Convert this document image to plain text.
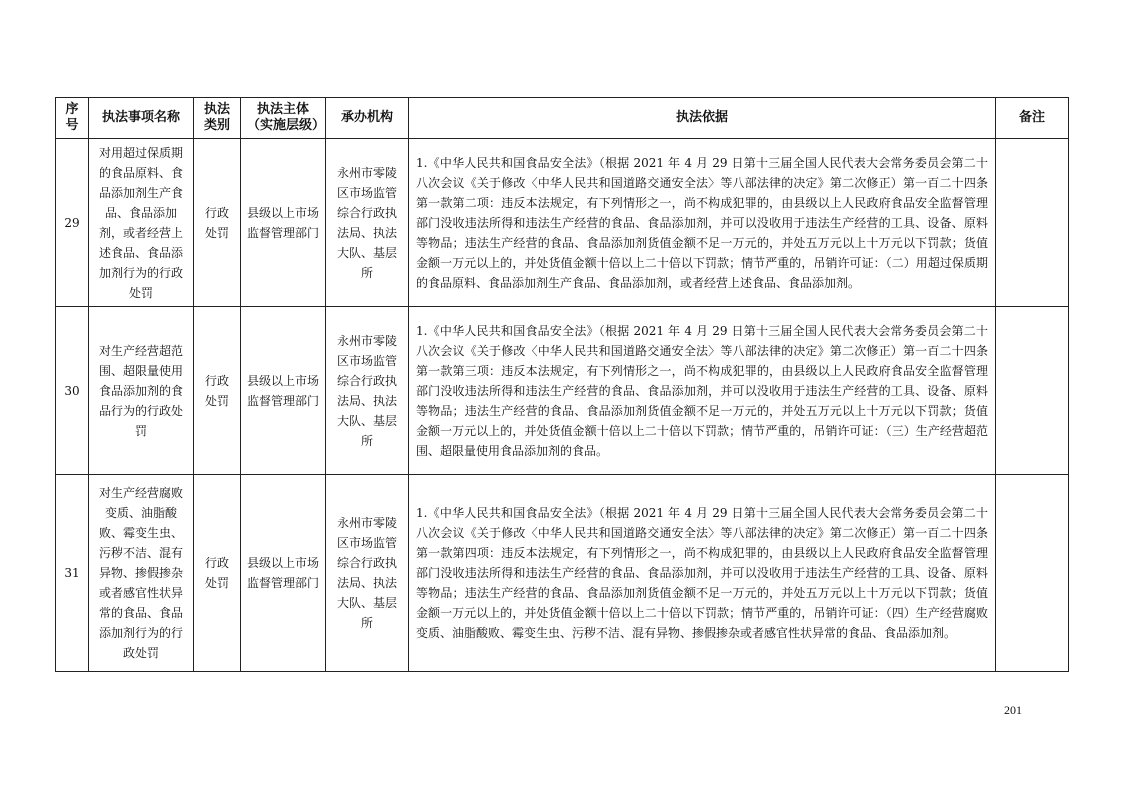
序号	执法事项名称	执法类别	执法主体（实施层级）	承办机构	执法依据	备注
29	对用超过保质期的食品原料、食品添加剂生产食品、食品添加剂，或者经营上述食品、食品添加剂行为的行政处罚	行政处罚	县级以上市场监督管理部门	永州市零陵区市场监管综合行政执法局、执法大队、基层所	1.《中华人民共和国食品安全法》（根据 2021 年 4 月 29 日第十三届全国人民代表大会常务委员会第二十八次会议《关于修改〈中华人民共和国道路交通安全法〉等八部法律的决定》第二次修正）第一百二十四条第一款第二项：违反本法规定，有下列情形之一，尚不构成犯罪的，由县级以上人民政府食品安全监督管理部门没收违法所得和违法生产经营的食品、食品添加剂，并可以没收用于违法生产经营的工具、设备、原料等物品；违法生产经营的食品、食品添加剂货值金额不足一万元的，并处五万元以上十万元以下罚款；货值金额一万元以上的，并处货值金额十倍以上二十倍以下罚款；情节严重的，吊销许可证：（二）用超过保质期的食品原料、食品添加剂生产食品、食品添加剂，或者经营上述食品、食品添加剂。	
30	对生产经营超范围、超限量使用食品添加剂的食品行为的行政处罚	行政处罚	县级以上市场监督管理部门	永州市零陵区市场监管综合行政执法局、执法大队、基层所	1.《中华人民共和国食品安全法》（根据 2021 年 4 月 29 日第十三届全国人民代表大会常务委员会第二十八次会议《关于修改〈中华人民共和国道路交通安全法〉等八部法律的决定》第二次修正）第一百二十四条第一款第三项：违反本法规定，有下列情形之一，尚不构成犯罪的，由县级以上人民政府食品安全监督管理部门没收违法所得和违法生产经营的食品、食品添加剂，并可以没收用于违法生产经营的工具、设备、原料等物品；违法生产经营的食品、食品添加剂货值金额不足一万元的，并处五万元以上十万元以下罚款；货值金额一万元以上的，并处货值金额十倍以上二十倍以下罚款；情节严重的，吊销许可证：（三）生产经营超范围、超限量使用食品添加剂的食品。	
31	对生产经营腐败变质、油脂酸败、霉变生虫、污秽不洁、混有异物、掺假掺杂或者感官性状异常的食品、食品添加剂行为的行政处罚	行政处罚	县级以上市场监督管理部门	永州市零陵区市场监管综合行政执法局、执法大队、基层所	1.《中华人民共和国食品安全法》（根据 2021 年 4 月 29 日第十三届全国人民代表大会常务委员会第二十八次会议《关于修改〈中华人民共和国道路交通安全法〉等八部法律的决定》第二次修正）第一百二十四条第一款第四项：违反本法规定，有下列情形之一，尚不构成犯罪的，由县级以上人民政府食品安全监督管理部门没收违法所得和违法生产经营的食品、食品添加剂，并可以没收用于违法生产经营的工具、设备、原料等物品；违法生产经营的食品、食品添加剂货值金额不足一万元的，并处五万元以上十万元以下罚款；货值金额一万元以上的，并处货值金额十倍以上二十倍以下罚款；情节严重的，吊销许可证：（四）生产经营腐败变质、油脂酸败、霉变生虫、污秽不洁、混有异物、掺假掺杂或者感官性状异常的食品、食品添加剂。	
201
